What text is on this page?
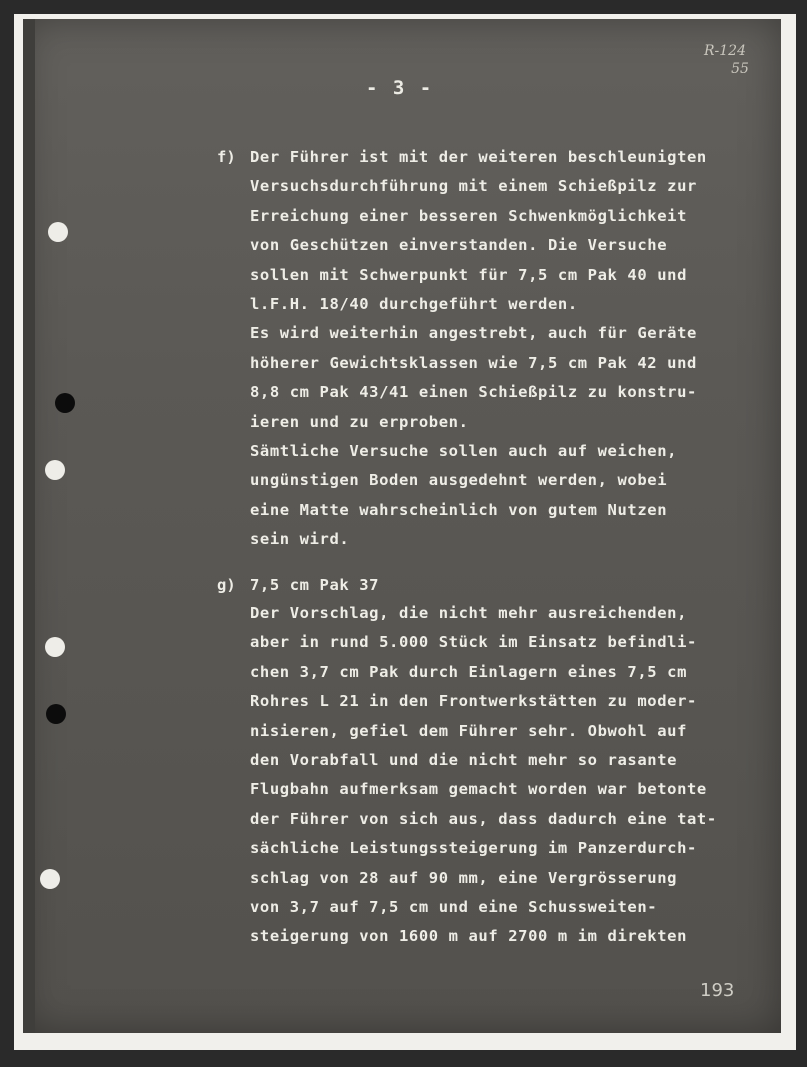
- 3 -
R-124
55
f) Der Führer ist mit der weiteren beschleunigten
Versuchsdurchführung mit einem Schießpilz zur
Erreichung einer besseren Schwenkmöglichkeit
von Geschützen einverstanden. Die Versuche
sollen mit Schwerpunkt für 7,5 cm Pak 40 und
l.F.H. 18/40 durchgeführt werden.
Es wird weiterhin angestrebt, auch für Geräte
höherer Gewichtsklassen wie 7,5 cm Pak 42 und
8,8 cm Pak 43/41 einen Schießpilz zu konstru-
ieren und zu erproben.
Sämtliche Versuche sollen auch auf weichen,
ungünstigen Boden ausgedehnt werden, wobei
eine Matte wahrscheinlich von gutem Nutzen
sein wird.
g) 7,5 cm Pak 37
Der Vorschlag, die nicht mehr ausreichenden,
aber in rund 5.000 Stück im Einsatz befindli-
chen 3,7 cm Pak durch Einlagern eines 7,5 cm
Rohres L 21 in den Frontwerkstätten zu moder-
nisieren, gefiel dem Führer sehr. Obwohl auf
den Vorabfall und die nicht mehr so rasante
Flugbahn aufmerksam gemacht worden war betonte
der Führer von sich aus, dass dadurch eine tat-
sächliche Leistungssteigerung im Panzerdurch-
schlag von 28 auf 90 mm, eine Vergrösserung
von 3,7 auf 7,5 cm und eine Schussweiten-
steigerung von 1600 m auf 2700 m im direkten
193
